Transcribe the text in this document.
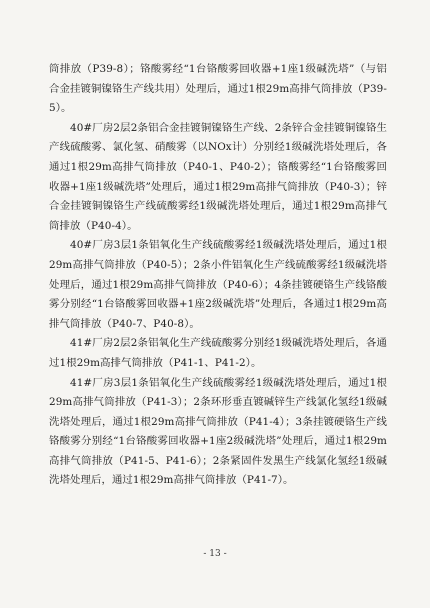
筒排放（P39-8）；铬酸雾经“1台铬酸雾回收器+1座1级碱洗塔”（与铝合金挂镀铜镍铬生产线共用）处理后，通过1根29m高排气筒排放（P39-5）。

40#厂房2层2条铝合金挂镀铜镍铬生产线、2条锌合金挂镀铜镍铬生产线硫酸雾、氯化氢、硝酸雾（以NOx计）分别经1级碱洗塔处理后，各通过1根29m高排气筒排放（P40-1、P40-2）；铬酸雾经“1台铬酸雾回收器+1座1级碱洗塔”处理后，通过1根29m高排气筒排放（P40-3）；锌合金挂镀铜镍铬生产线硫酸雾经1级碱洗塔处理后，通过1根29m高排气筒排放（P40-4）。

40#厂房3层1条铝氧化生产线硫酸雾经1级碱洗塔处理后，通过1根29m高排气筒排放（P40-5）；2条小件铝氧化生产线硫酸雾经1级碱洗塔处理后，通过1根29m高排气筒排放（P40-6）；4条挂镀硬铬生产线铬酸雾分别经“1台铬酸雾回收器+1座2级碱洗塔”处理后，各通过1根29m高排气筒排放（P40-7、P40-8）。

41#厂房2层2条铝氧化生产线硫酸雾分别经1级碱洗塔处理后，各通过1根29m高排气筒排放（P41-1、P41-2）。

41#厂房3层1条铝氧化生产线硫酸雾经1级碱洗塔处理后，通过1根29m高排气筒排放（P41-3）；2条环形垂直镀碱锌生产线氯化氢经1级碱洗塔处理后，通过1根29m高排气筒排放（P41-4）；3条挂镀硬铬生产线铬酸雾分别经“1台铬酸雾回收器+1座2级碱洗塔”处理后，通过1根29m高排气筒排放（P41-5、P41-6）；2条紧固件发黑生产线氯化氢经1级碱洗塔处理后，通过1根29m高排气筒排放（P41-7）。

- 13 -
